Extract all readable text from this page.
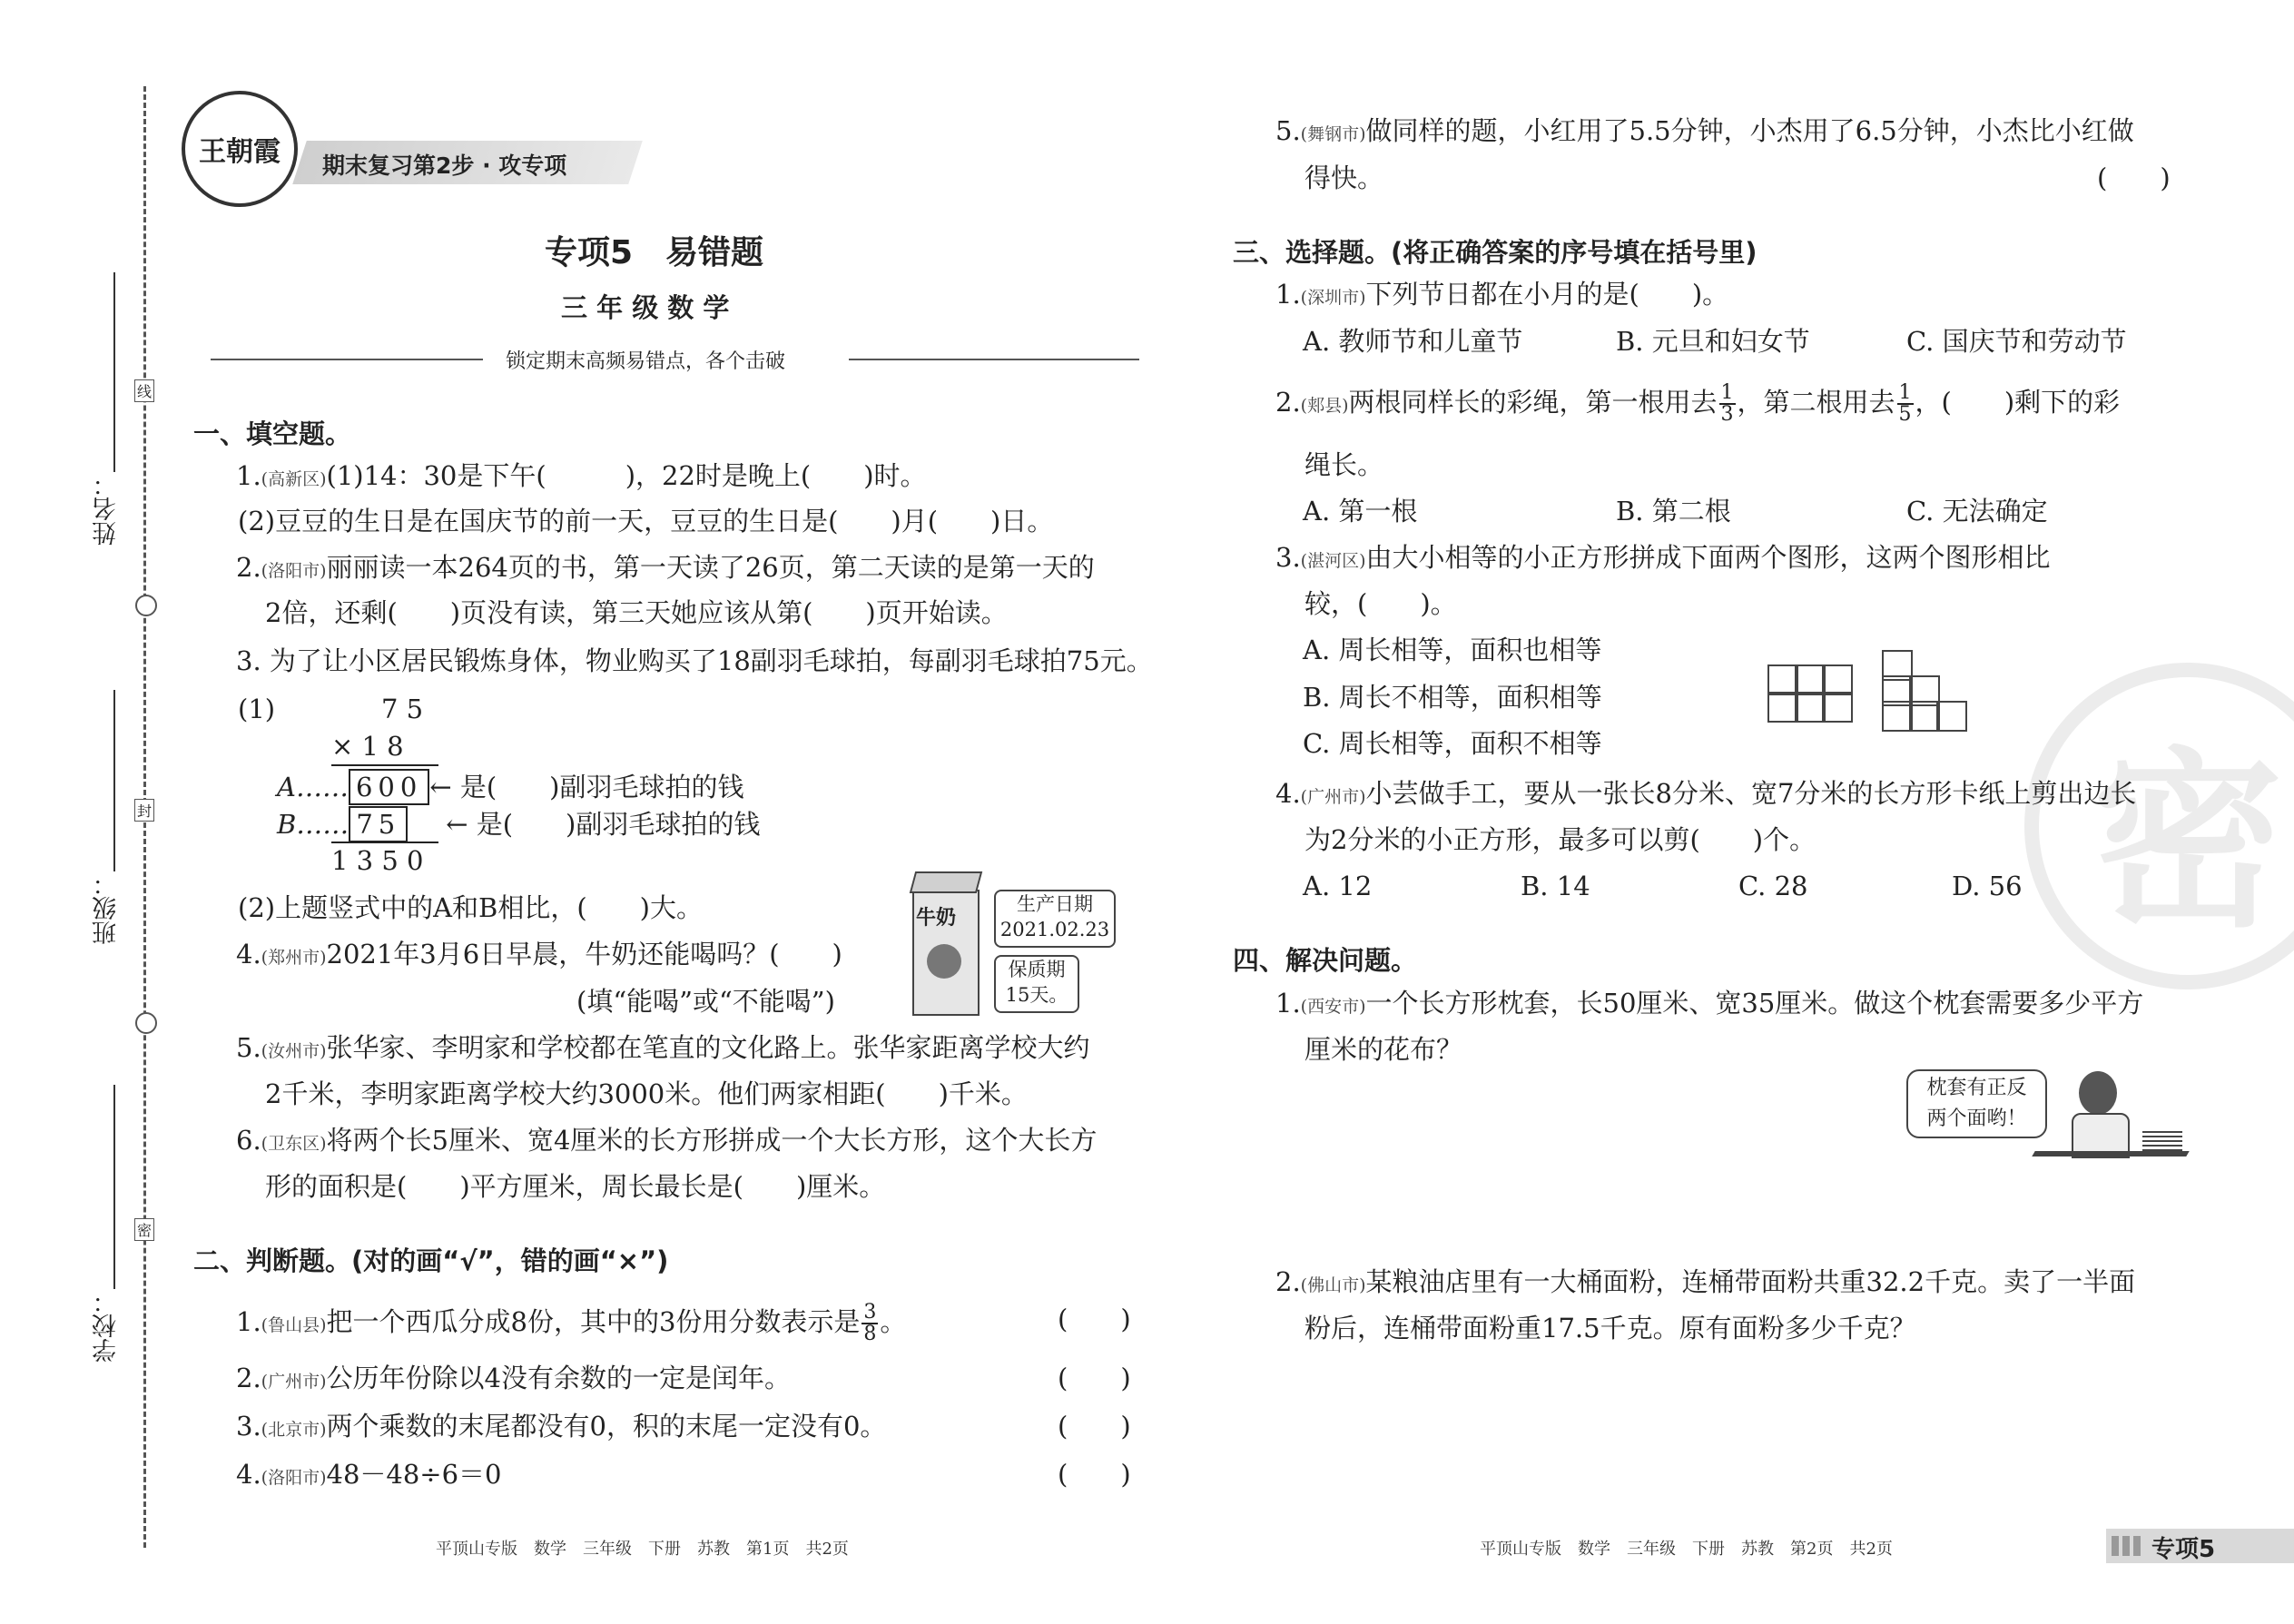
线
封
密
姓名：
班级：
学校：
王朝霞 期末复习第2步 · 攻专项
专项5　易错题
三 年 级 数 学
锁定期末高频易错点，各个击破
一、填空题。
1.(高新区)(1)14：30是下午(　　　)，22时是晚上(　　)时。
(2)豆豆的生日是在国庆节的前一天，豆豆的生日是(　　)月(　　)日。
2.(洛阳市)丽丽读一本264页的书，第一天读了26页，第二天读的是第一天的
2倍，还剩(　　)页没有读，第三天她应该从第(　　)页开始读。
3. 为了让小区居民锻炼身体，物业购买了18副羽毛球拍，每副羽毛球拍75元。
(1)	7 5
× 1 8
A…… 600 ← 是(　　)副羽毛球拍的钱
B…… 75 ← 是(　　)副羽毛球拍的钱
1 3 5 0
(2)上题竖式中的A和B相比，(　　)大。
4.(郑州市)2021年3月6日早晨，牛奶还能喝吗？(　　)
(填“能喝”或“不能喝”)
牛奶
生产日期
2021.02.23
保质期
15天。
5.(汝州市)张华家、李明家和学校都在笔直的文化路上。张华家距离学校大约
2千米，李明家距离学校大约3000米。他们两家相距(　　)千米。
6.(卫东区)将两个长5厘米、宽4厘米的长方形拼成一个大长方形，这个大长方
形的面积是(　　)平方厘米，周长最长是(　　)厘米。
二、判断题。(对的画“√”，错的画“×”)
1.(鲁山县)把一个西瓜分成8份，其中的3份用分数表示是 $\frac{3}{8}$ 。	(　　)
2.(广州市)公历年份除以4没有余数的一定是闰年。	(　　)
3.(北京市)两个乘数的末尾都没有0，积的末尾一定没有0。	(　　)
4.(洛阳市)48－48÷6＝0	(　　)
密
5.(舞钢市)做同样的题，小红用了5.5分钟，小杰用了6.5分钟，小杰比小红做
得快。	(　　)
三、选择题。(将正确答案的序号填在括号里)
1.(深圳市)下列节日都在小月的是(　　)。
A. 教师节和儿童节	B. 元旦和妇女节	C. 国庆节和劳动节
2.(郏县)两根同样长的彩绳，第一根用去 $\frac{1}{3}$ ，第二根用去 $\frac{1}{5}$ ，(　　)剩下的彩
绳长。
A. 第一根	B. 第二根	C. 无法确定
3.(湛河区)由大小相等的小正方形拼成下面两个图形，这两个图形相比
较，(　　)。
A. 周长相等，面积也相等
B. 周长不相等，面积相等
C. 周长相等，面积不相等
4.(广州市)小芸做手工，要从一张长8分米、宽7分米的长方形卡纸上剪出边长
为2分米的小正方形，最多可以剪(　　)个。
A. 12	B. 14	C. 28	D. 56
四、解决问题。
1.(西安市)一个长方形枕套，长50厘米、宽35厘米。做这个枕套需要多少平方
厘米的花布？
枕套有正反
两个面哟！
2.(佛山市)某粮油店里有一大桶面粉，连桶带面粉共重32.2千克。卖了一半面
粉后，连桶带面粉重17.5千克。原有面粉多少千克？
平顶山专版　数学　三年级　下册　苏教　第1页　共2页	平顶山专版　数学　三年级　下册　苏教　第2页　共2页	专项5
